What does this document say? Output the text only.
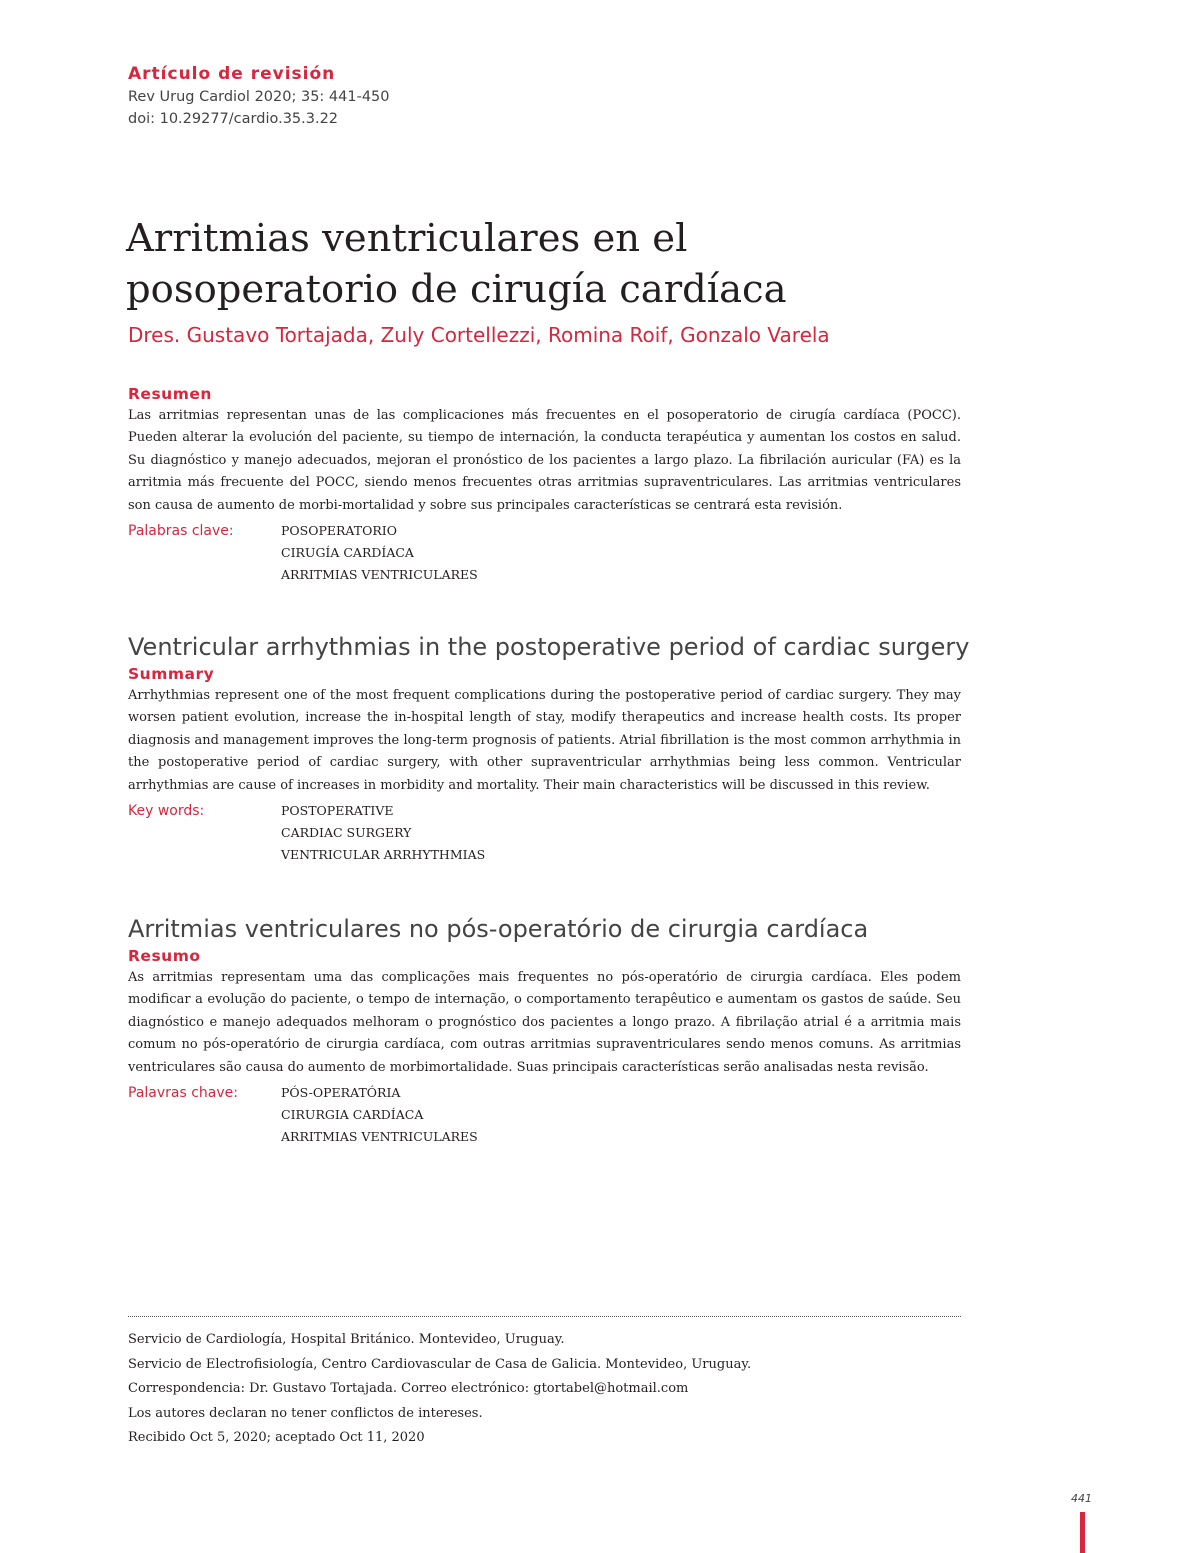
Artículo de revisión
Rev Urug Cardiol 2020; 35: 441-450
doi: 10.29277/cardio.35.3.22
Arritmias ventriculares en el
posoperatorio de cirugía cardíaca
Dres. Gustavo Tortajada, Zuly Cortellezzi, Romina Roif, Gonzalo Varela
Resumen

Las arritmias representan unas de las complicaciones más frecuentes en el posoperatorio de cirugía cardíaca (POCC). Pueden alterar la evolución del paciente, su tiempo de internación, la conducta terapéutica y aumentan los costos en salud. Su diagnóstico y manejo adecuados, mejoran el pronóstico de los pacientes a largo plazo. La fibrilación auricular (FA) es la arritmia más frecuente del POCC, siendo menos frecuentes otras arritmias supraventriculares. Las arritmias ventriculares son causa de aumento de morbi-mortalidad y sobre sus principales características se centrará esta revisión.

Palabras clave:	POSOPERATORIO
CIRUGÍA CARDÍACA
ARRITMIAS VENTRICULARES
Ventricular arrhythmias in the postoperative period of cardiac surgery
Summary

Arrhythmias represent one of the most frequent complications during the postoperative period of cardiac surgery. They may worsen patient evolution, increase the in-hospital length of stay, modify therapeutics and increase health costs. Its proper diagnosis and management improves the long-term prognosis of patients. Atrial fibrillation is the most common arrhythmia in the postoperative period of cardiac surgery, with other supraventricular arrhythmias being less common. Ventricular arrhythmias are cause of increases in morbidity and mortality. Their main characteristics will be discussed in this review.

Key words:	POSTOPERATIVE
CARDIAC SURGERY
VENTRICULAR ARRHYTHMIAS
Arritmias ventriculares no pós-operatório de cirurgia cardíaca
Resumo

As arritmias representam uma das complicações mais frequentes no pós-operatório de cirurgia cardíaca. Eles podem modificar a evolução do paciente, o tempo de internação, o comportamento terapêutico e aumentam os gastos de saúde. Seu diagnóstico e manejo adequados melhoram o prognóstico dos pacientes a longo prazo. A fibrilação atrial é a arritmia mais comum no pós-operatório de cirurgia cardíaca, com outras arritmias supraventriculares sendo menos comuns. As arritmias ventriculares são causa do aumento de morbimortalidade. Suas principais características serão analisadas nesta revisão.

Palavras chave:	PÓS-OPERATÓRIA
CIRURGIA CARDÍACA
ARRITMIAS VENTRICULARES
Servicio de Cardiología, Hospital Británico. Montevideo, Uruguay.
Servicio de Electrofisiología, Centro Cardiovascular de Casa de Galicia. Montevideo, Uruguay.
Correspondencia: Dr. Gustavo Tortajada. Correo electrónico: gtortabel@hotmail.com
Los autores declaran no tener conflictos de intereses.
Recibido Oct 5, 2020; aceptado Oct 11, 2020
441
